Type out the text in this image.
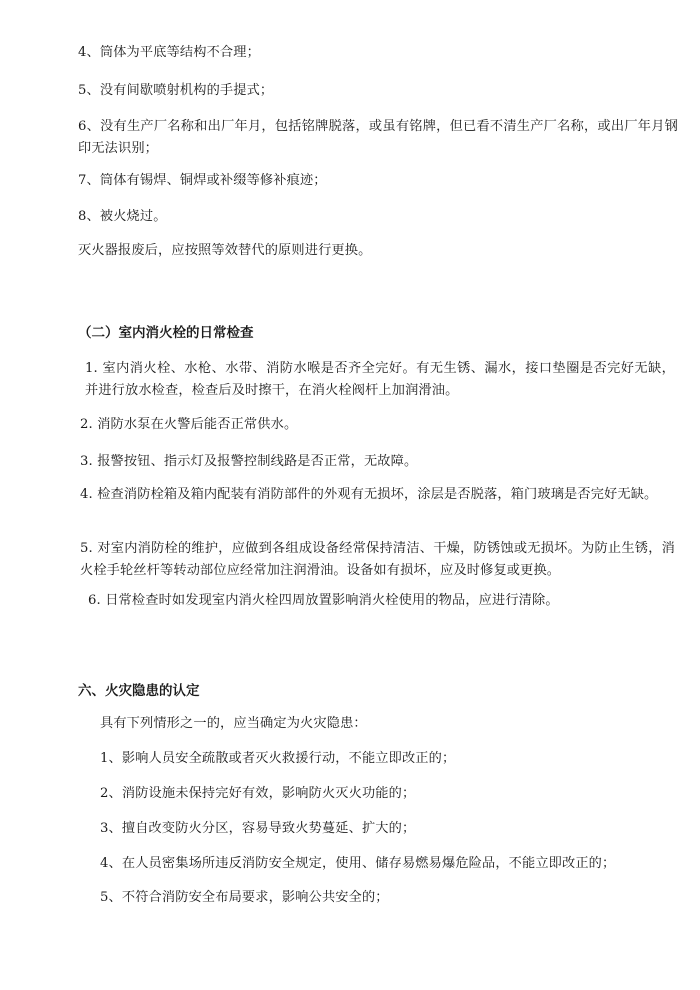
4、筒体为平底等结构不合理；
5、没有间歇喷射机构的手提式；
6、没有生产厂名称和出厂年月，包括铭牌脱落，或虽有铭牌，但已看不清生产厂名称，或出厂年月钢印无法识别；
7、筒体有锡焊、铜焊或补缀等修补痕迹；
8、被火烧过。
灭火器报废后，应按照等效替代的原则进行更换。
（二）室内消火栓的日常检查
1. 室内消火栓、水枪、水带、消防水喉是否齐全完好。有无生锈、漏水，接口垫圈是否完好无缺，并进行放水检查，检查后及时擦干，在消火栓阀杆上加润滑油。
2. 消防水泵在火警后能否正常供水。
3. 报警按钮、指示灯及报警控制线路是否正常，无故障。
4. 检查消防栓箱及箱内配装有消防部件的外观有无损坏，涂层是否脱落，箱门玻璃是否完好无缺。
5. 对室内消防栓的维护，应做到各组成设备经常保持清洁、干燥，防锈蚀或无损坏。为防止生锈，消火栓手轮丝杆等转动部位应经常加注润滑油。设备如有损坏，应及时修复或更换。
6. 日常检查时如发现室内消火栓四周放置影响消火栓使用的物品，应进行清除。
六、火灾隐患的认定
具有下列情形之一的，应当确定为火灾隐患：
1、影响人员安全疏散或者灭火救援行动，不能立即改正的；
2、消防设施未保持完好有效，影响防火灭火功能的；
3、擅自改变防火分区，容易导致火势蔓延、扩大的；
4、在人员密集场所违反消防安全规定，使用、储存易燃易爆危险品，不能立即改正的；
5、不符合消防安全布局要求，影响公共安全的；
